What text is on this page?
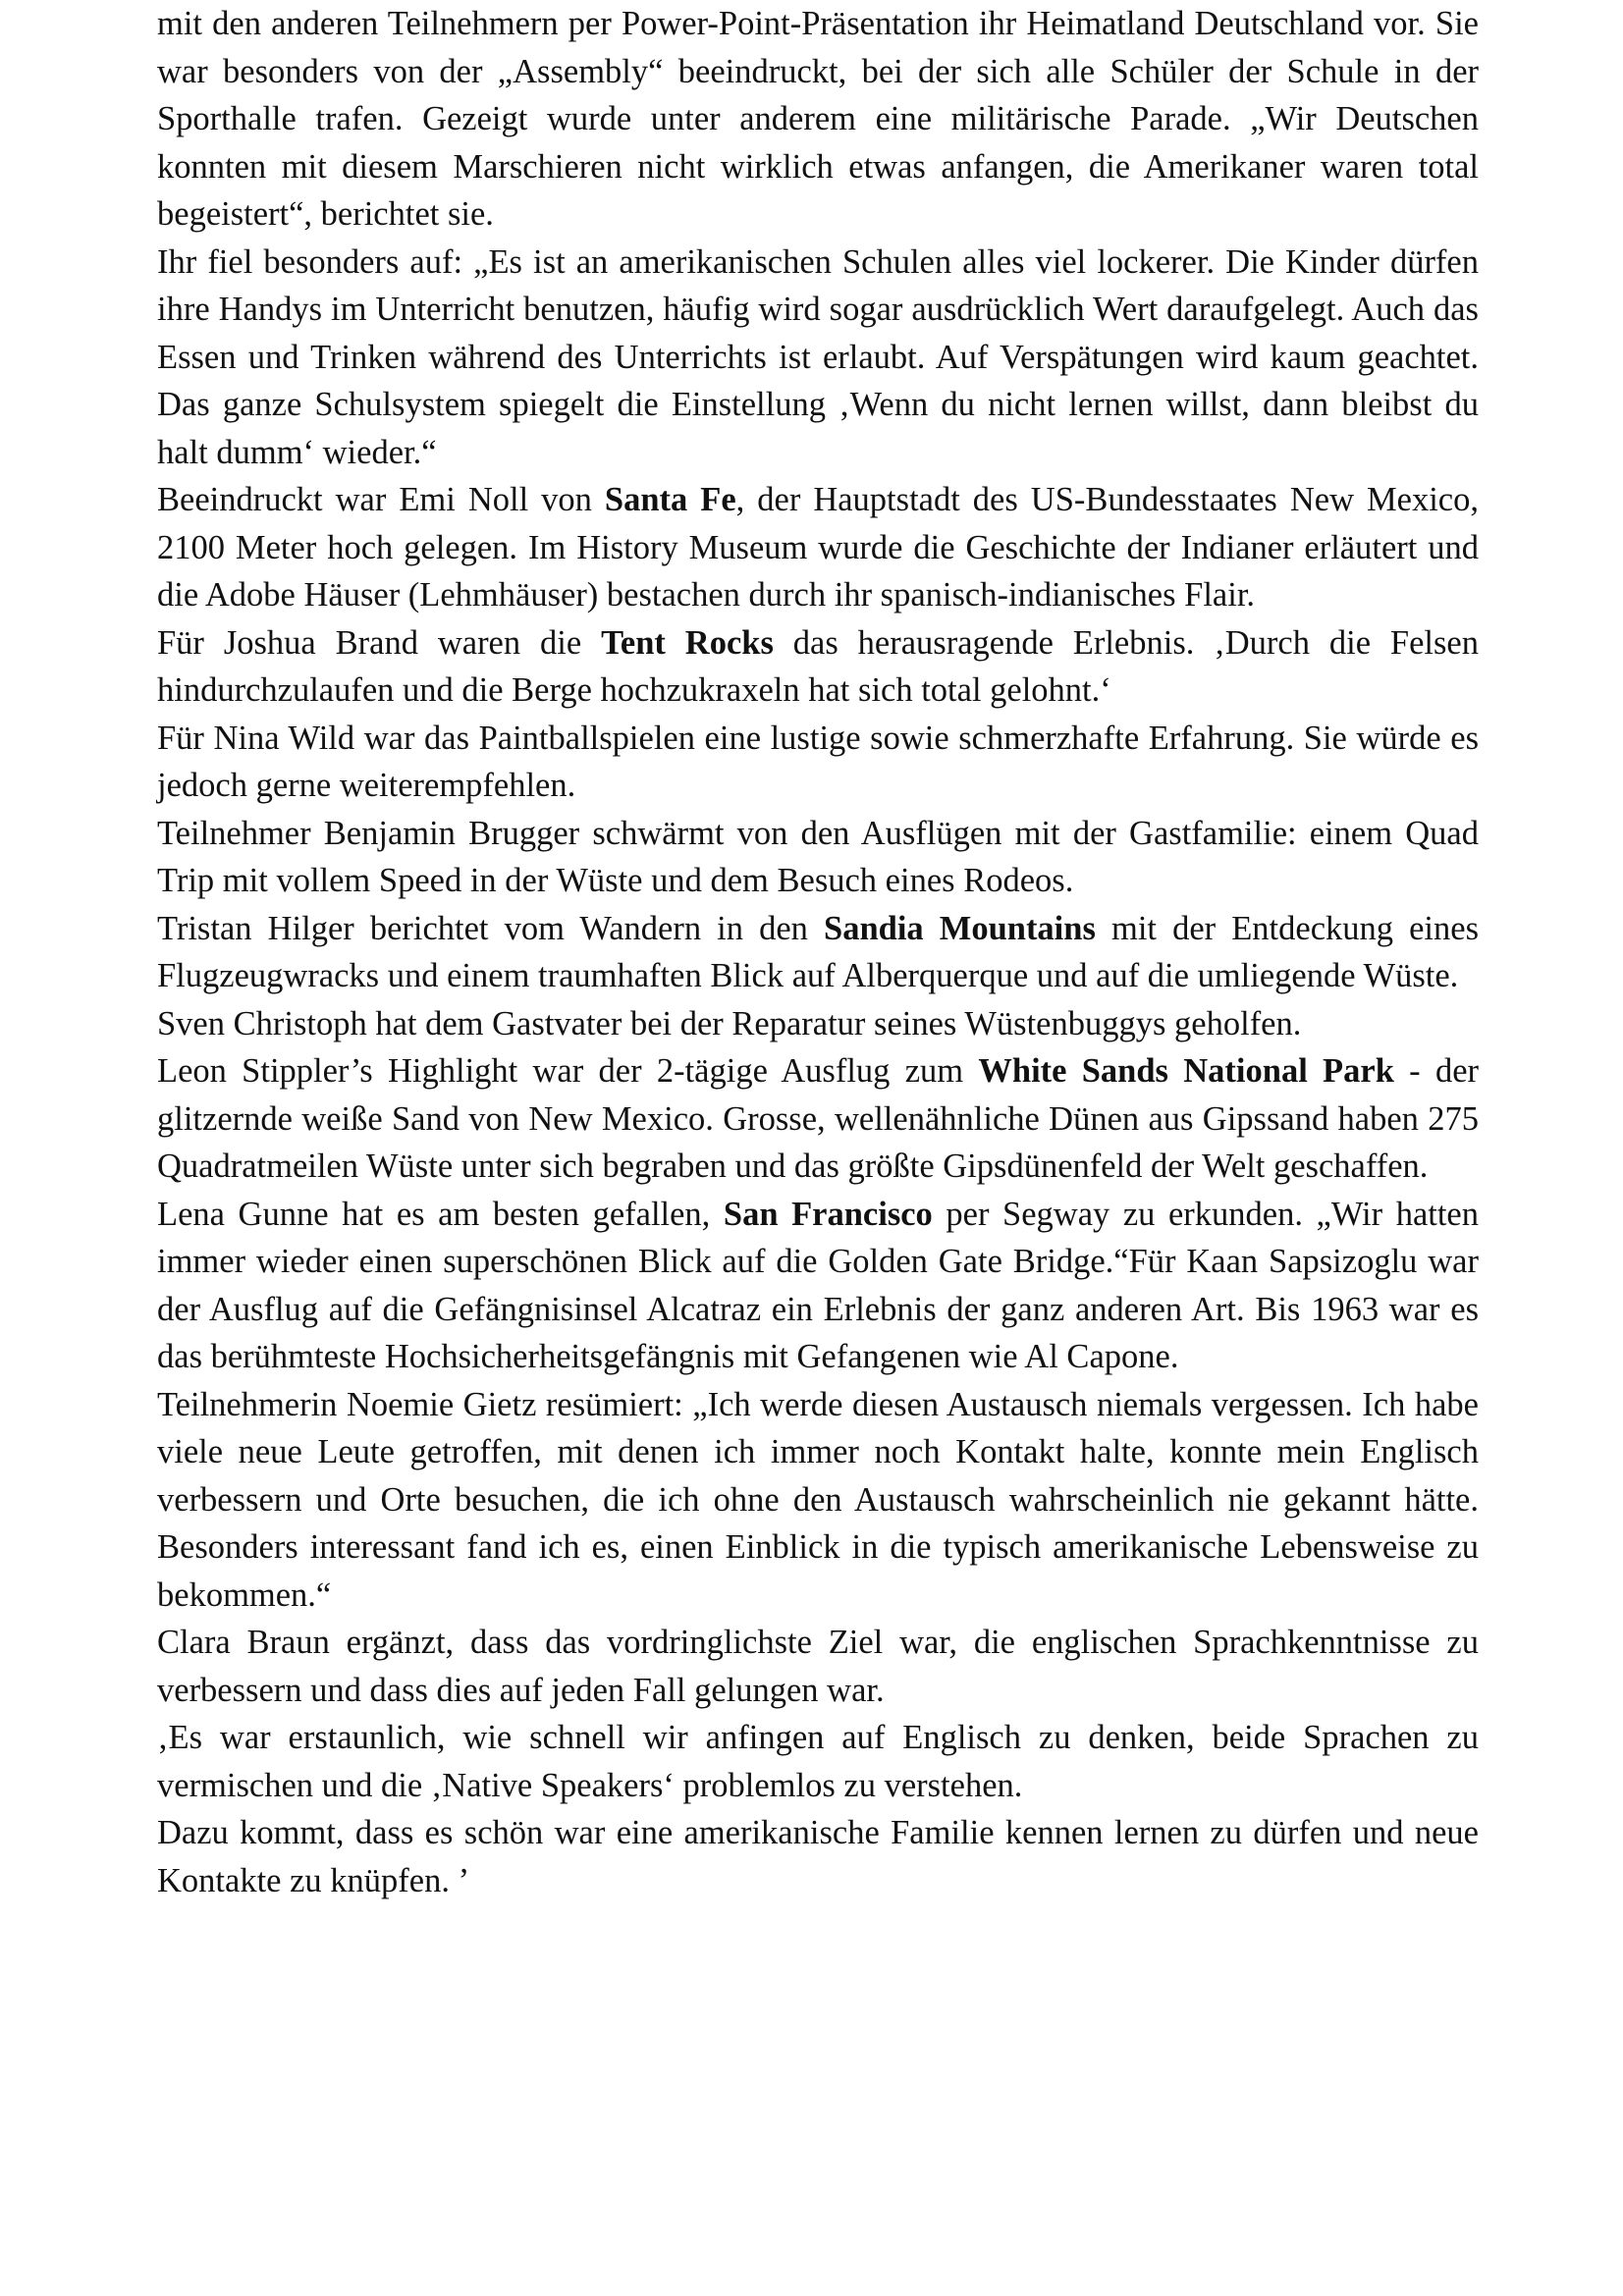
mit den anderen Teilnehmern per Power-Point-Präsentation ihr Heimatland Deutschland vor. Sie war besonders von der „Assembly“ beeindruckt, bei der sich alle Schüler der Schule in der Sporthalle trafen. Gezeigt wurde unter anderem eine militärische Parade. „Wir Deutschen konnten mit diesem Marschieren nicht wirklich etwas anfangen, die Amerikaner waren total begeistert“, berichtet sie.

Ihr fiel besonders auf: „Es ist an amerikanischen Schulen alles viel lockerer. Die Kinder dürfen ihre Handys im Unterricht benutzen, häufig wird sogar ausdrücklich Wert daraufgelegt. Auch das Essen und Trinken während des Unterrichts ist erlaubt. Auf Verspätungen wird kaum geachtet. Das ganze Schulsystem spiegelt die Einstellung ‚Wenn du nicht lernen willst, dann bleibst du halt dumm‘ wieder.“

Beeindruckt war Emi Noll von Santa Fe, der Hauptstadt des US-Bundesstaates New Mexico, 2100 Meter hoch gelegen. Im History Museum wurde die Geschichte der Indianer erläutert und die Adobe Häuser (Lehmhäuser) bestachen durch ihr spanisch-indianisches Flair.

Für Joshua Brand waren die Tent Rocks das herausragende Erlebnis. ‚Durch die Felsen hindurchzulaufen und die Berge hochzukraxeln hat sich total gelohnt.‘

Für Nina Wild war das Paintballspielen eine lustige sowie schmerzhafte Erfahrung. Sie würde es jedoch gerne weiterempfehlen.

Teilnehmer Benjamin Brugger schwärmt von den Ausflügen mit der Gastfamilie: einem Quad Trip mit vollem Speed in der Wüste und dem Besuch eines Rodeos.

Tristan Hilger berichtet vom Wandern in den Sandia Mountains mit der Entdeckung eines Flugzeugwracks und einem traumhaften Blick auf Alberquerque und auf die umliegende Wüste.

Sven Christoph hat dem Gastvater bei der Reparatur seines Wüstenbuggys geholfen.

Leon Stippler’s Highlight war der 2-tägige Ausflug zum White Sands National Park - der glitzernde weiße Sand von New Mexico. Grosse, wellenähnliche Dünen aus Gipssand haben 275 Quadratmeilen Wüste unter sich begraben und das größte Gipsdünenfeld der Welt geschaffen.

Lena Gunne hat es am besten gefallen, San Francisco per Segway zu erkunden. „Wir hatten immer wieder einen superschönen Blick auf die Golden Gate Bridge.“Für Kaan Sapsizoglu war der Ausflug auf die Gefängnisinsel Alcatraz ein Erlebnis der ganz anderen Art. Bis 1963 war es das berühmteste Hochsicherheitsgefängnis mit Gefangenen wie Al Capone.

Teilnehmerin Noemie Gietz resümiert: „Ich werde diesen Austausch niemals vergessen. Ich habe viele neue Leute getroffen, mit denen ich immer noch Kontakt halte, konnte mein Englisch verbessern und Orte besuchen, die ich ohne den Austausch wahrscheinlich nie gekannt hätte. Besonders interessant fand ich es, einen Einblick in die typisch amerikanische Lebensweise zu bekommen.“

Clara Braun ergänzt, dass das vordringlichste Ziel war, die englischen Sprachkenntnisse zu verbessern und dass dies auf jeden Fall gelungen war.

‚Es war erstaunlich, wie schnell wir anfingen auf Englisch zu denken, beide Sprachen zu vermischen und die ‚Native Speakers‘ problemlos zu verstehen.

Dazu kommt, dass es schön war eine amerikanische Familie kennen lernen zu dürfen und neue Kontakte zu knüpfen. ’
